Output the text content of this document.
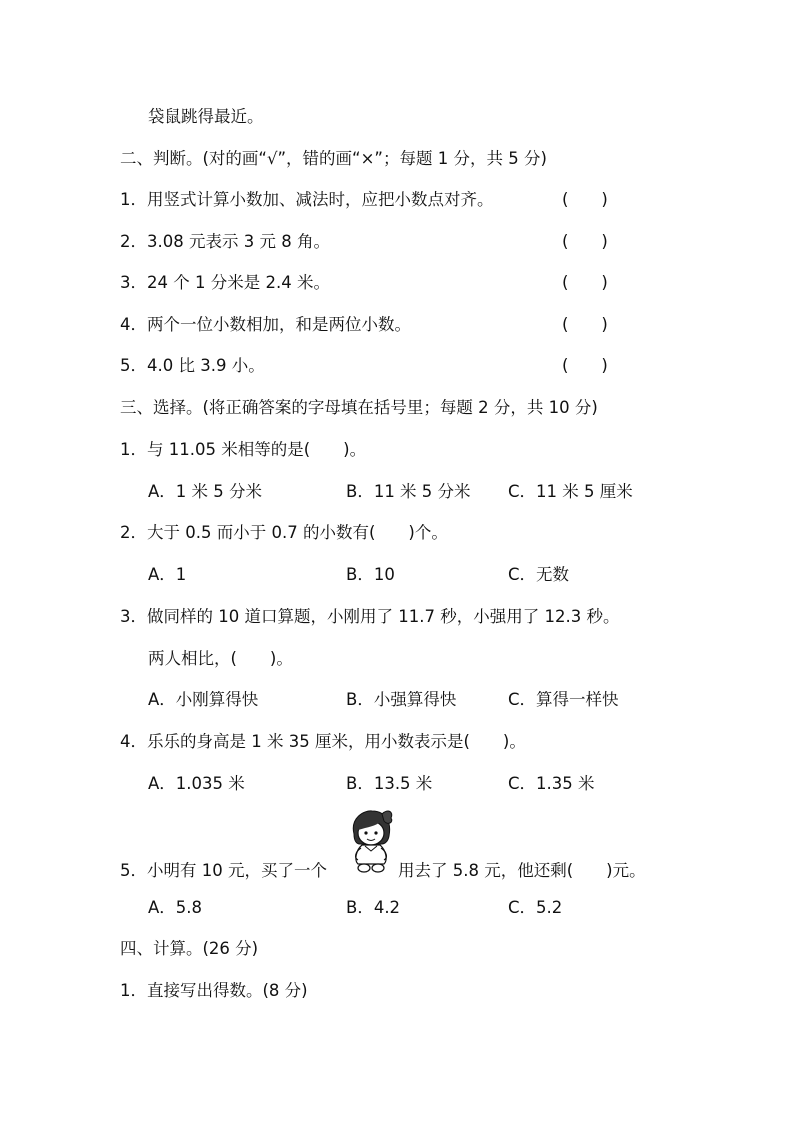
袋鼠跳得最近。
二、判断。(对的画“√”，错的画“×”；每题 1 分，共 5 分)
1．用竖式计算小数加、减法时，应把小数点对齐。	(　　)
2．3.08 元表示 3 元 8 角。	(　　)
3．24 个 1 分米是 2.4 米。	(　　)
4．两个一位小数相加，和是两位小数。	(　　)
5．4.0 比 3.9 小。	(　　)
三、选择。(将正确答案的字母填在括号里；每题 2 分，共 10 分)
1．与 11.05 米相等的是(　　)。
A．1 米 5 分米	B．11 米 5 分米 C．11 米 5 厘米
2．大于 0.5 而小于 0.7 的小数有(　　)个。
A．1	B．10	C．无数
3．做同样的 10 道口算题，小刚用了 11.7 秒，小强用了 12.3 秒。
两人相比，(　　)。
A．小刚算得快	B．小强算得快	C．算得一样快
4．乐乐的身高是 1 米 35 厘米，用小数表示是(　　)。
A．1.035 米	B．13.5 米	C．1.35 米
5．小明有 10 元，买了一个	用去了 5.8 元，他还剩(　　)元。
A．5.8	B．4.2	C．5.2
四、计算。(26 分)
1．直接写出得数。(8 分)
